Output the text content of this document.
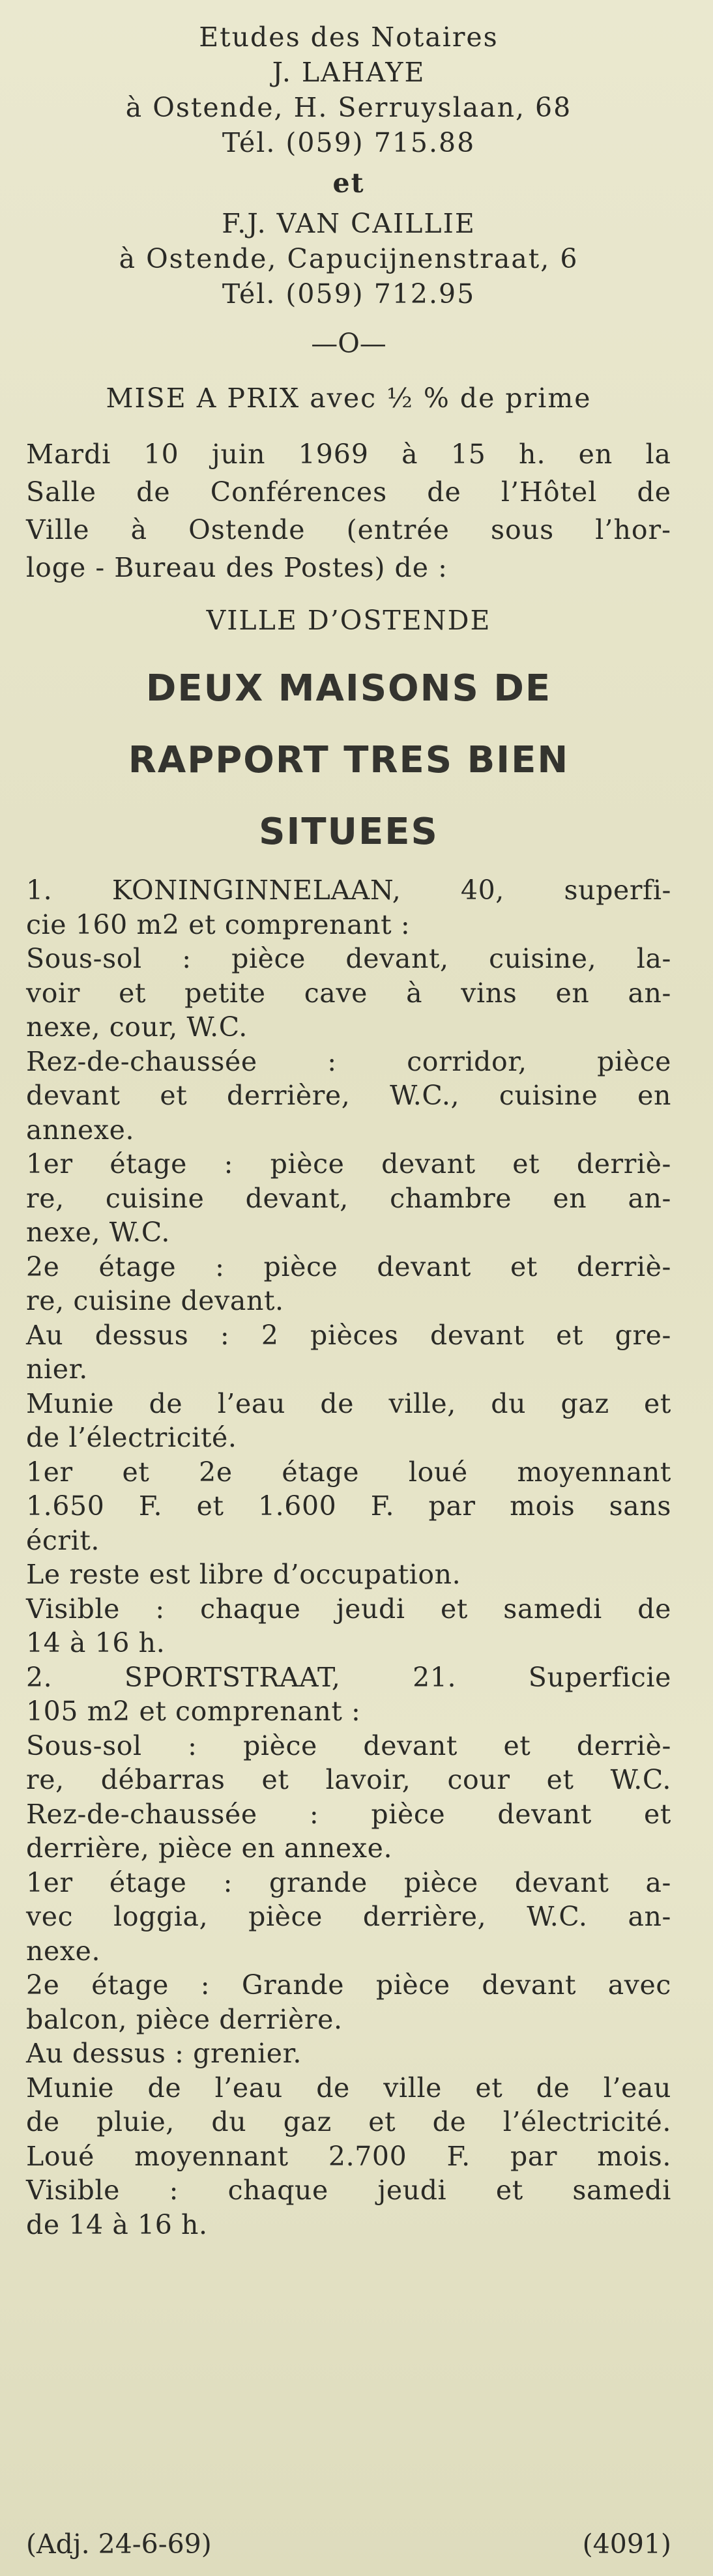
Etudes des Notaires
J. LAHAYE
à Ostende, H. Serruyslaan, 68
Tél. (059) 715.88
et
F.J. VAN CAILLIE
à Ostende, Capucijnenstraat, 6
Tél. (059) 712.95
—O—
MISE A PRIX avec ½ % de prime
Mardi 10 juin 1969 à 15 h. en la
Salle de Conférences de l’Hôtel de
Ville à Ostende (entrée sous l’hor-
loge - Bureau des Postes) de :
VILLE D’OSTENDE
DEUX MAISONS DE
RAPPORT TRES BIEN
SITUEES
1. KONINGINNELAAN, 40, superfi-
cie 160 m2 et comprenant :
Sous-sol : pièce devant, cuisine, la-
voir et petite cave à vins en an-
nexe, cour, W.C.
Rez-de-chaussée : corridor, pièce
devant et derrière, W.C., cuisine en
annexe.
1er étage : pièce devant et derriè-
re, cuisine devant, chambre en an-
nexe, W.C.
2e étage : pièce devant et derriè-
re, cuisine devant.
Au dessus : 2 pièces devant et gre-
nier.
Munie de l’eau de ville, du gaz et
de l’électricité.
1er et 2e étage loué moyennant
1.650 F. et 1.600 F. par mois sans
écrit.
Le reste est libre d’occupation.
Visible : chaque jeudi et samedi de
14 à 16 h.
2. SPORTSTRAAT, 21. Superficie
105 m2 et comprenant :
Sous-sol : pièce devant et derriè-
re, débarras et lavoir, cour et W.C.
Rez-de-chaussée : pièce devant et
derrière, pièce en annexe.
1er étage : grande pièce devant a-
vec loggia, pièce derrière, W.C. an-
nexe.
2e étage : Grande pièce devant avec
balcon, pièce derrière.
Au dessus : grenier.
Munie de l’eau de ville et de l’eau
de pluie, du gaz et de l’électricité.
Loué moyennant 2.700 F. par mois.
Visible : chaque jeudi et samedi
de 14 à 16 h.
(Adj. 24-6-69)	(4091)
